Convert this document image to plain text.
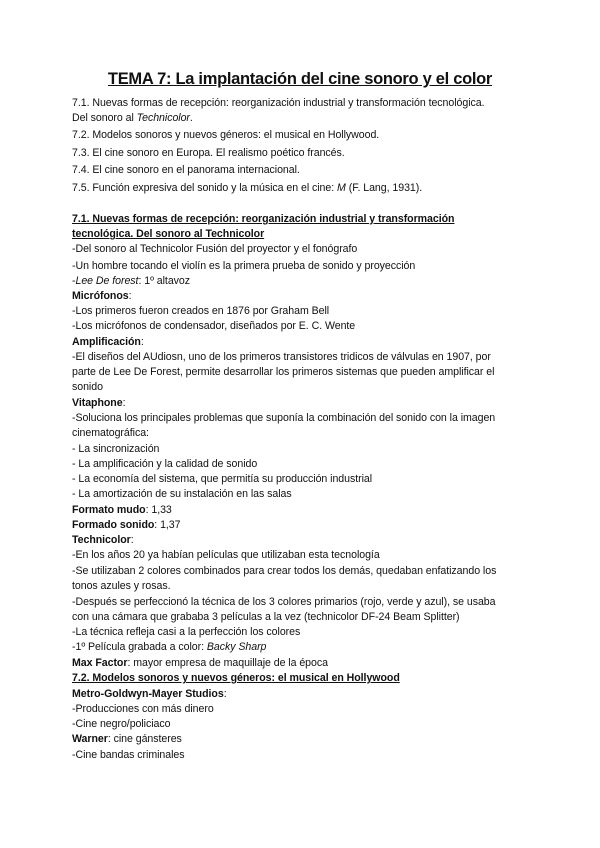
TEMA 7: La implantación del cine sonoro y el color
7.1. Nuevas formas de recepción: reorganización industrial y transformación tecnológica.
Del sonoro al Technicolor.
7.2. Modelos sonoros y nuevos géneros: el musical en Hollywood.
7.3. El cine sonoro en Europa. El realismo poético francés.
7.4. El cine sonoro en el panorama internacional.
7.5. Función expresiva del sonido y la música en el cine: M (F. Lang, 1931).
7.1. Nuevas formas de recepción: reorganización industrial y transformación
tecnológica. Del sonoro al Technicolor
-Del sonoro al Technicolor Fusión del proyector y el fonógrafo
-Un hombre tocando el violín es la primera prueba de sonido y proyección
-Lee De forest: 1º altavoz
Micrófonos:
-Los primeros fueron creados en 1876 por Graham Bell
-Los micrófonos de condensador, diseñados por E. C. Wente
Amplificación:
-El diseños del AUdiosn, uno de los primeros transistores tridicos de válvulas en 1907, por
parte de Lee De Forest, permite desarrollar los primeros sistemas que pueden amplificar el
sonido
Vitaphone:
-Soluciona los principales problemas que suponía la combinación del sonido con la imagen
cinematográfica:
- La sincronización
- La amplificación y la calidad de sonido
- La economía del sistema, que permitía su producción industrial
- La amortización de su instalación en las salas
Formato mudo: 1,33
Formado sonido: 1,37
Technicolor:
-En los años 20 ya habían películas que utilizaban esta tecnología
-Se utilizaban 2 colores combinados para crear todos los demás, quedaban enfatizando los
tonos azules y rosas.
-Después se perfeccionó la técnica de los 3 colores primarios (rojo, verde y azul), se usaba
con una cámara que grababa 3 películas a la vez (technicolor DF-24 Beam Splitter)
-La técnica refleja casi a la perfección los colores
-1º Película grabada a color: Backy Sharp
Max Factor: mayor empresa de maquillaje de la época
7.2. Modelos sonoros y nuevos géneros: el musical en Hollywood
Metro-Goldwyn-Mayer Studios:
-Producciones con más dinero
-Cine negro/policiaco
Warner: cine gánsteres
-Cine bandas criminales
